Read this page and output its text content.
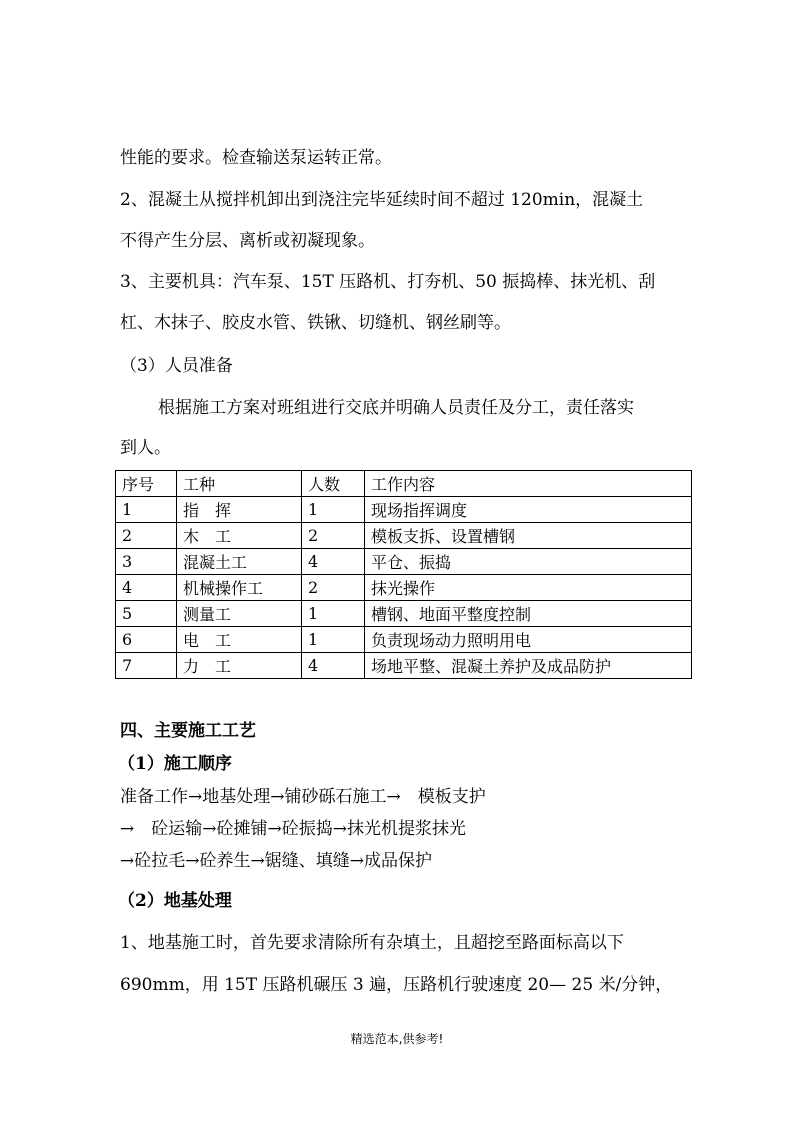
性能的要求。检查输送泵运转正常。
2、混凝土从搅拌机卸出到浇注完毕延续时间不超过 120min，混凝土
不得产生分层、离析或初凝现象。
3、主要机具：汽车泵、15T 压路机、打夯机、50 振捣棒、抹光机、刮
杠、木抹子、胶皮水管、铁锹、切缝机、钢丝刷等。
（3）人员准备
根据施工方案对班组进行交底并明确人员责任及分工，责任落实
到人。
序号	工种	人数	工作内容
1	指　挥	1	现场指挥调度
2	木　工	2	模板支拆、设置槽钢
3	混凝土工	4	平仓、振捣
4	机械操作工	2	抹光操作
5	测量工	1	槽钢、地面平整度控制
6	电　工	1	负责现场动力照明用电
7	力　工	4	场地平整、混凝土养护及成品防护
四、主要施工工艺
（1）施工顺序
准备工作→地基处理→铺砂砾石施工→　模板支护
→　砼运输→砼摊铺→砼振捣→抹光机提浆抹光
→砼拉毛→砼养生→锯缝、填缝→成品保护
（2）地基处理
1、地基施工时，首先要求清除所有杂填土，且超挖至路面标高以下
690mm，用 15T 压路机碾压 3 遍，压路机行驶速度 20— 25 米/分钟，
精选范本,供参考!
